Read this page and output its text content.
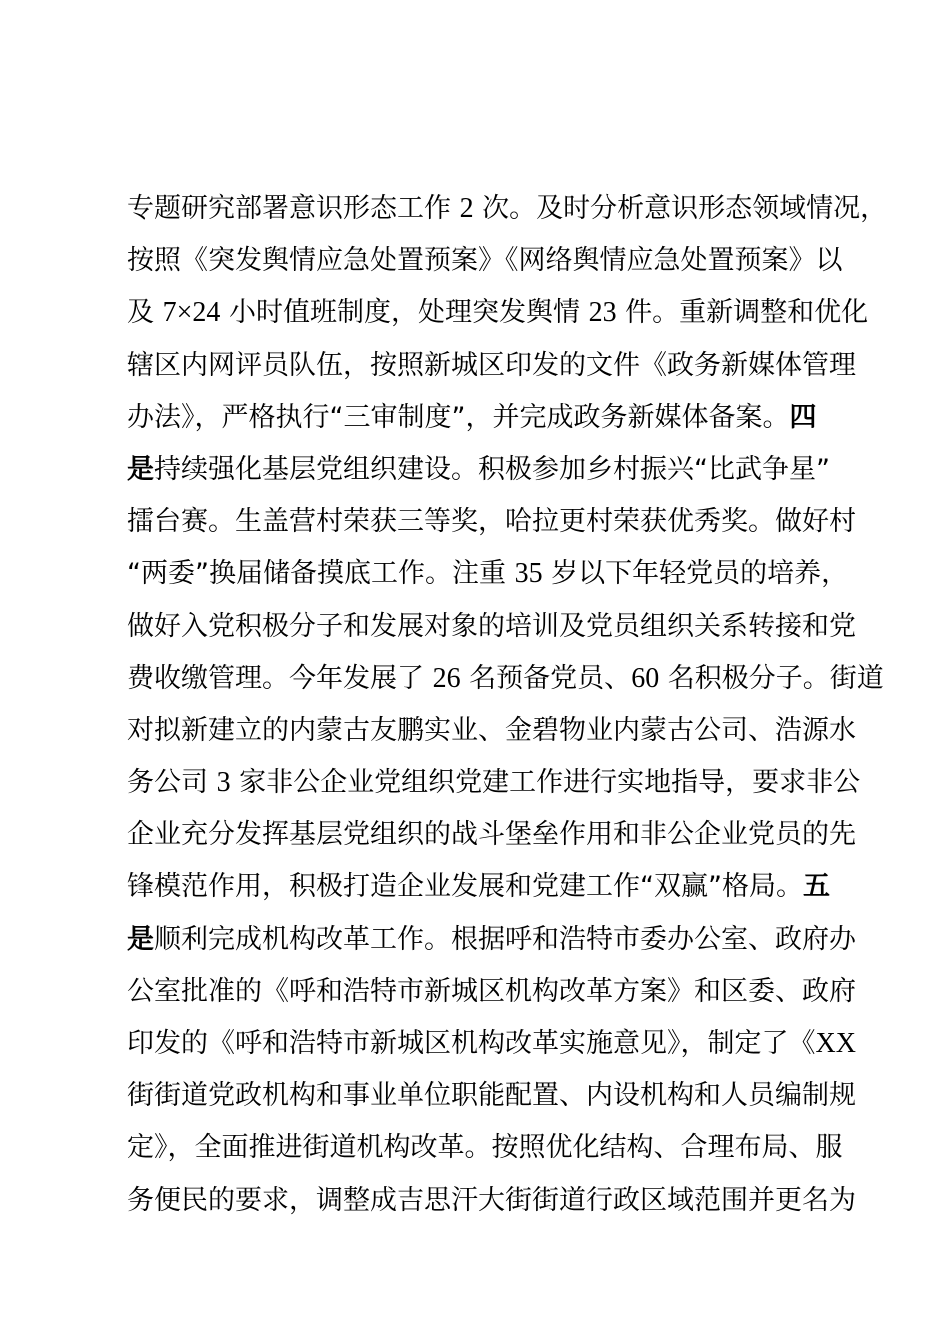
专题研究部署意识形态工作 2 次。及时分析意识形态领域情况，
按照《突发舆情应急处置预案》《网络舆情应急处置预案》以
及 7×24 小时值班制度，处理突发舆情 23 件。重新调整和优化
辖区内网评员队伍，按照新城区印发的文件《政务新媒体管理
办法》，严格执行“三审制度”，并完成政务新媒体备案。四
是持续强化基层党组织建设。积极参加乡村振兴“比武争星”
擂台赛。生盖营村荣获三等奖，哈拉更村荣获优秀奖。做好村
“两委”换届储备摸底工作。注重 35 岁以下年轻党员的培养，
做好入党积极分子和发展对象的培训及党员组织关系转接和党
费收缴管理。今年发展了 26 名预备党员、60 名积极分子。街道
对拟新建立的内蒙古友鹏实业、金碧物业内蒙古公司、浩源水
务公司 3 家非公企业党组织党建工作进行实地指导，要求非公
企业充分发挥基层党组织的战斗堡垒作用和非公企业党员的先
锋模范作用，积极打造企业发展和党建工作“双赢”格局。五
是顺利完成机构改革工作。根据呼和浩特市委办公室、政府办
公室批准的《呼和浩特市新城区机构改革方案》和区委、政府
印发的《呼和浩特市新城区机构改革实施意见》，制定了《XX
街街道党政机构和事业单位职能配置、内设机构和人员编制规
定》，全面推进街道机构改革。按照优化结构、合理布局、服
务便民的要求，调整成吉思汗大街街道行政区域范围并更名为
